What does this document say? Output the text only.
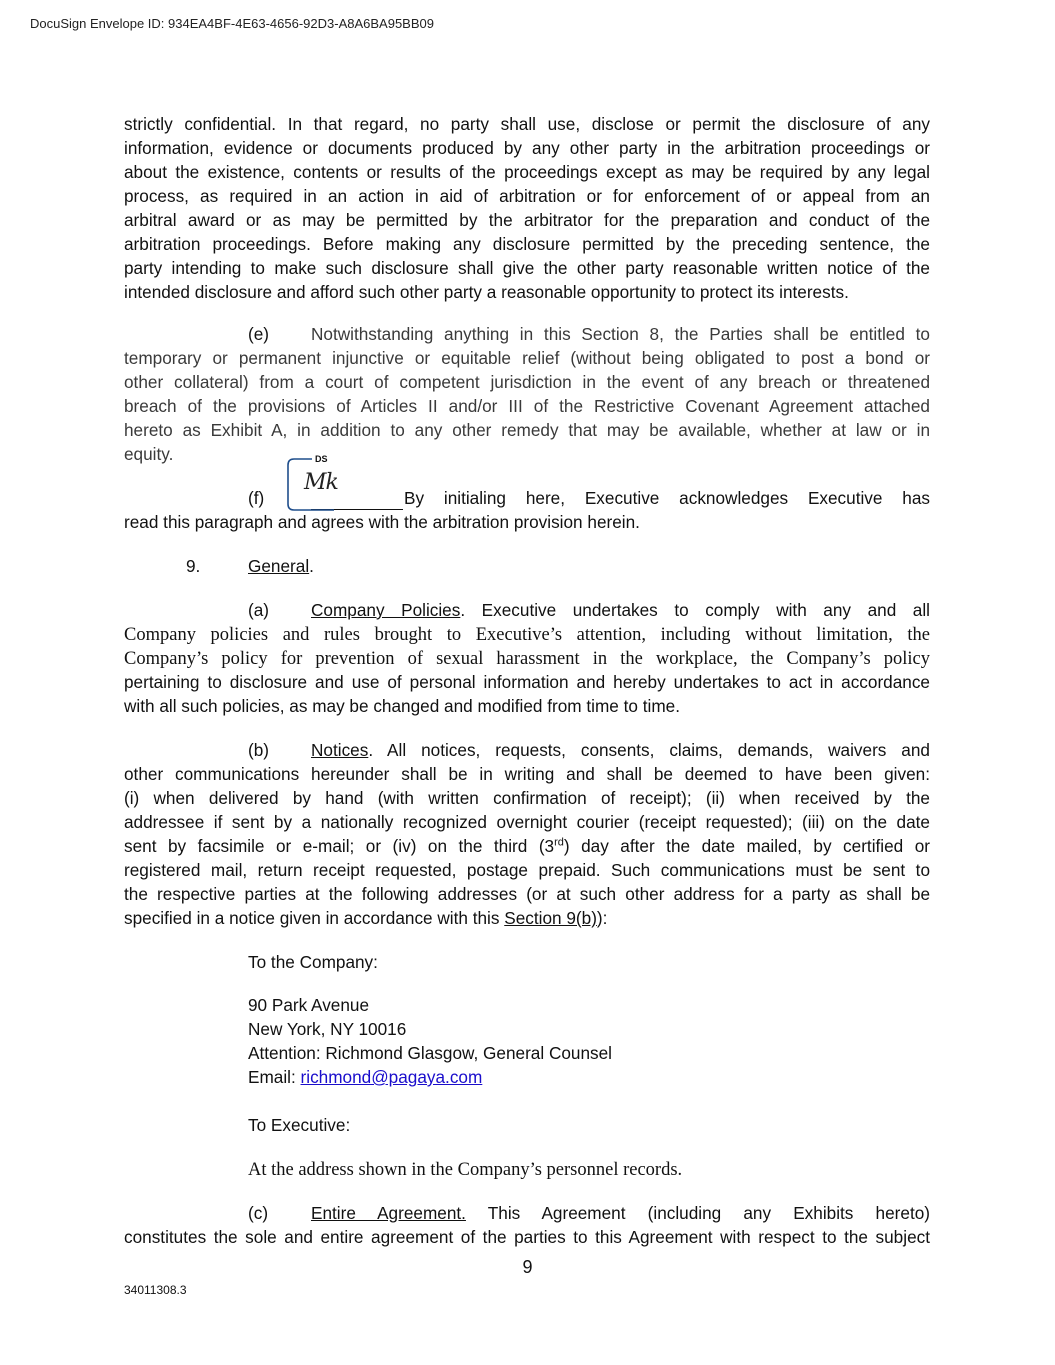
DocuSign Envelope ID: 934EA4BF-4E63-4656-92D3-A8A6BA95BB09
strictly confidential. In that regard, no party shall use, disclose or permit the disclosure of any
information, evidence or documents produced by any other party in the arbitration proceedings or
about the existence, contents or results of the proceedings except as may be required by any legal
process, as required in an action in aid of arbitration or for enforcement of or appeal from an
arbitral award or as may be permitted by the arbitrator for the preparation and conduct of the
arbitration proceedings. Before making any disclosure permitted by the preceding sentence, the
party intending to make such disclosure shall give the other party reasonable written notice of the
intended disclosure and afford such other party a reasonable opportunity to protect its interests.
(e) Notwithstanding anything in this Section 8, the Parties shall be entitled to
temporary or permanent injunctive or equitable relief (without being obligated to post a bond or
other collateral) from a court of competent jurisdiction in the event of any breach or threatened
breach of the provisions of Articles II and/or III of the Restrictive Covenant Agreement attached
hereto as Exhibit A, in addition to any other remedy that may be available, whether at law or in
equity.
(f)	By initialing here, Executive acknowledges Executive has
read this paragraph and agrees with the arbitration provision herein.
9.	General.
(a) Company Policies. Executive undertakes to comply with any and all
Company policies and rules brought to Executive’s attention, including without limitation, the
Company’s policy for prevention of sexual harassment in the workplace, the Company’s policy
pertaining to disclosure and use of personal information and hereby undertakes to act in accordance
with all such policies, as may be changed and modified from time to time.
(b) Notices. All notices, requests, consents, claims, demands, waivers and
other communications hereunder shall be in writing and shall be deemed to have been given:
(i) when delivered by hand (with written confirmation of receipt); (ii) when received by the
addressee if sent by a nationally recognized overnight courier (receipt requested); (iii) on the date
sent by facsimile or e-mail; or (iv) on the third (3rd) day after the date mailed, by certified or
registered mail, return receipt requested, postage prepaid. Such communications must be sent to
the respective parties at the following addresses (or at such other address for a party as shall be
specified in a notice given in accordance with this Section 9(b)):
To the Company:
90 Park Avenue
New York, NY 10016
Attention: Richmond Glasgow, General Counsel
Email: richmond@pagaya.com
To Executive:
At the address shown in the Company’s personnel records.
(c) Entire Agreement. This Agreement (including any Exhibits hereto)
constitutes the sole and entire agreement of the parties to this Agreement with respect to the subject
DS
Mk
9
34011308.3
